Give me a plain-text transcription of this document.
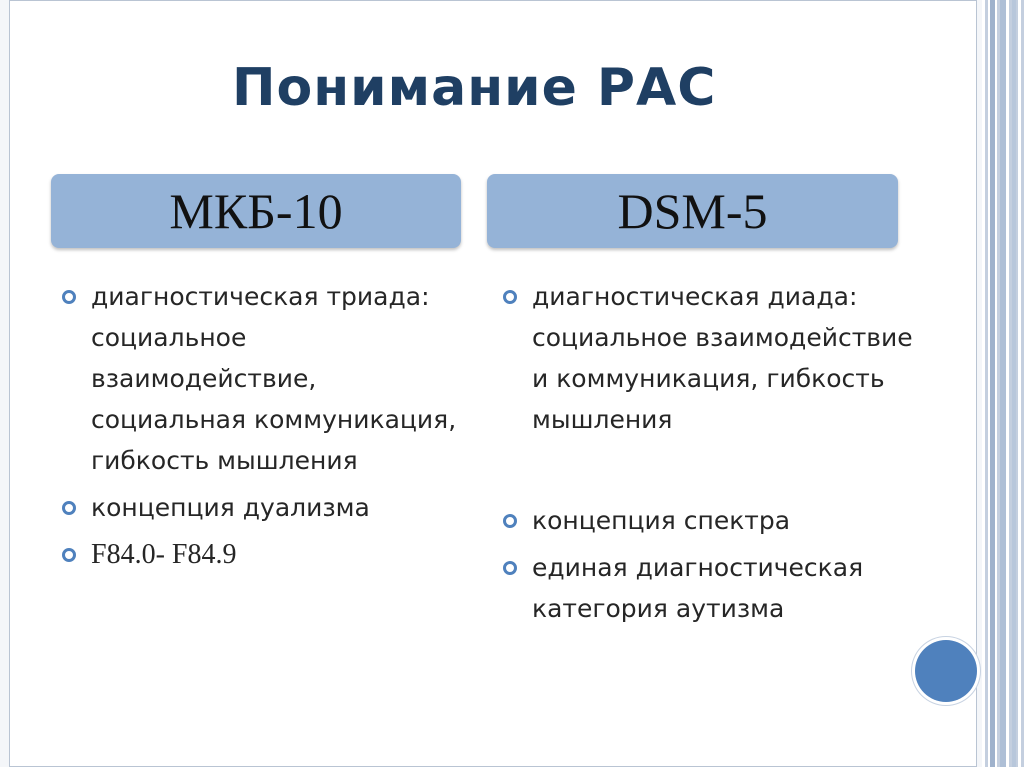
Понимание РАС
МКБ-10	DSM-5
диагностическая триада: социальное взаимодействие, социальная коммуникация, гибкость мышления
концепция дуализма
F84.0- F84.9
диагностическая диада: социальное взаимодействие и коммуникация, гибкость мышления
концепция спектра
единая диагностическая категория аутизма
